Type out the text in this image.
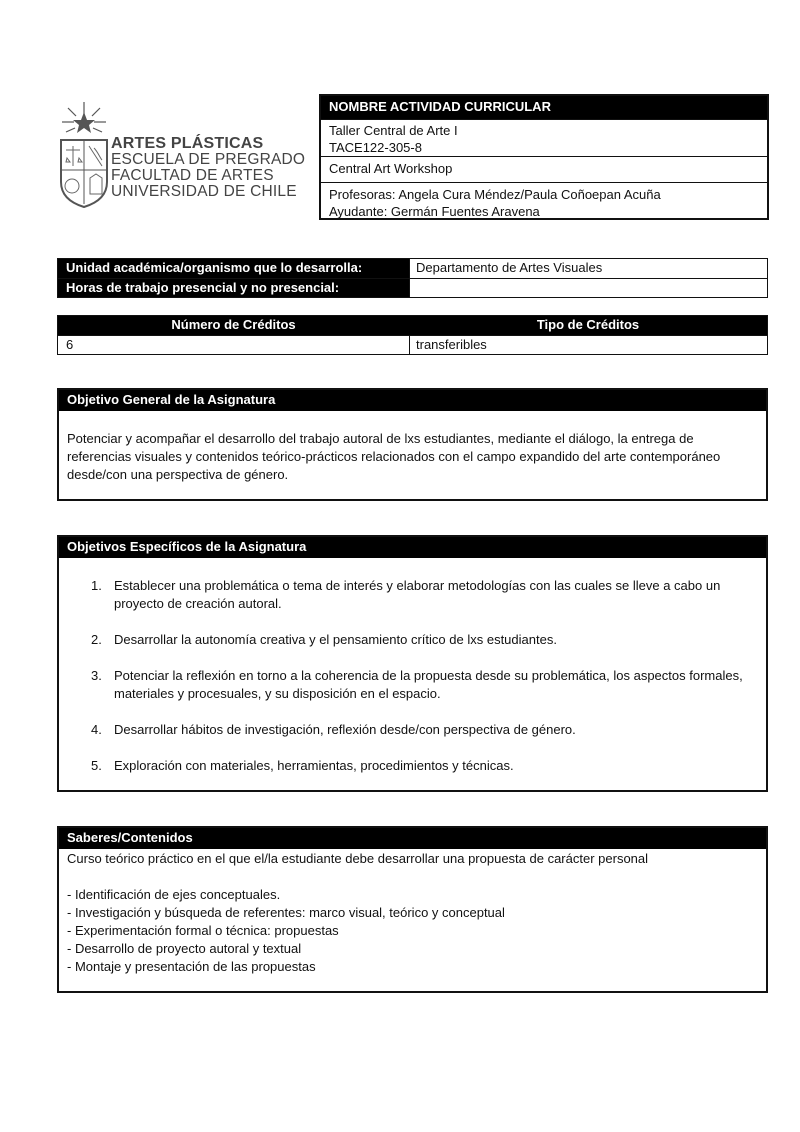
ARTES PLÁSTICAS
ESCUELA DE PREGRADO
FACULTAD DE ARTES
UNIVERSIDAD DE CHILE
NOMBRE ACTIVIDAD CURRICULAR
Taller Central de Arte I
TACE122-305-8
Central Art Workshop
Profesoras: Angela Cura Méndez/Paula Coñoepan Acuña
Ayudante: Germán Fuentes Aravena
Unidad académica/organismo que lo desarrolla:	Departamento de Artes Visuales
Horas de trabajo presencial y no presencial:
Número de Créditos	Tipo de Créditos
6	transferibles
Objetivo General de la Asignatura
Potenciar y acompañar el desarrollo del trabajo autoral de lxs estudiantes, mediante el diálogo, la entrega de referencias visuales y contenidos teórico-prácticos relacionados con el campo expandido del arte contemporáneo desde/con una perspectiva de género.
Objetivos Específicos de la Asignatura
1. Establecer una problemática o tema de interés y elaborar metodologías con las cuales se lleve a cabo un proyecto de creación autoral.
2. Desarrollar la autonomía creativa y el pensamiento crítico de lxs estudiantes.
3. Potenciar la reflexión en torno a la coherencia de la propuesta desde su problemática, los aspectos formales, materiales y procesuales, y su disposición en el espacio.
4. Desarrollar hábitos de investigación, reflexión desde/con perspectiva de género.
5. Exploración con materiales, herramientas, procedimientos y técnicas.
Saberes/Contenidos
Curso teórico práctico en el que el/la estudiante debe desarrollar una propuesta de carácter personal
- Identificación de ejes conceptuales.
- Investigación y búsqueda de referentes: marco visual, teórico y conceptual
- Experimentación formal o técnica: propuestas
- Desarrollo de proyecto autoral y textual
- Montaje y presentación de las propuestas
